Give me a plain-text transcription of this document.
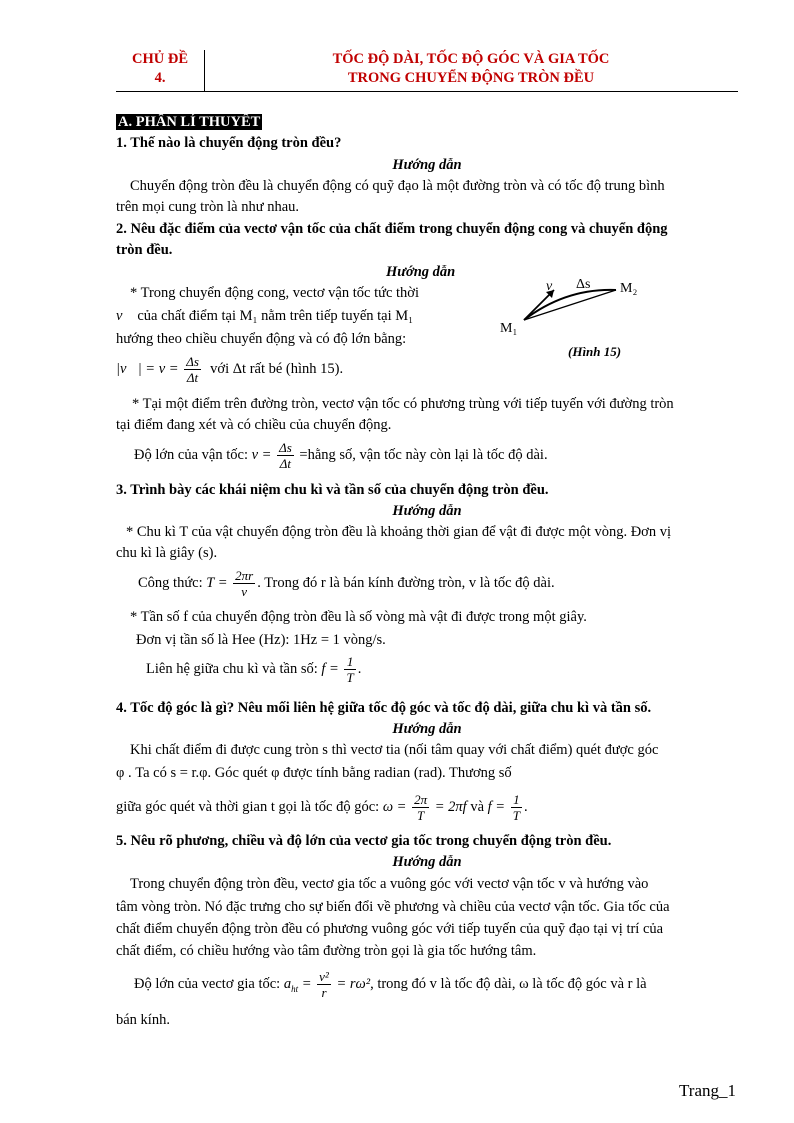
CHỦ ĐỀ
4.
TỐC ĐỘ DÀI, TỐC ĐỘ GÓC VÀ GIA TỐC
TRONG CHUYỂN ĐỘNG TRÒN ĐỀU
A. PHẦN LÍ THUYẾT
1. Thế nào là chuyển động tròn đều?
Hướng dẫn
Chuyển động tròn đều là chuyển động có quỹ đạo là một đường tròn và có tốc độ trung bình
trên mọi cung tròn là như nhau.
2. Nêu đặc điểm của vectơ vận tốc của chất điểm trong chuyển động cong và chuyển động
tròn đều.
Hướng dẫn
* Trong chuyển động cong, vectơ vận tốc tức thời
v⃗ của chất điểm tại M₁ nằm trên tiếp tuyến tại M₁
hướng theo chiều chuyển động và có độ lớn bằng:
|v⃗| = $v = \frac{\Delta s}{\Delta t}$ với Δt rất bé (hình 15).
* Tại một điểm trên đường tròn, vectơ vận tốc có phương trùng với tiếp tuyến với đường tròn
tại điểm đang xét và có chiều của chuyển động.
Độ lớn của vận tốc: $v = \frac{\Delta s}{\Delta t}$ =hằng số, vận tốc này còn lại là tốc độ dài.
3. Trình bày các khái niệm chu kì và tần số của chuyển động tròn đều.
Hướng dẫn
* Chu kì T của vật chuyển động tròn đều là khoảng thời gian để vật đi được một vòng. Đơn vị
chu kì là giây (s).
Công thức: $T = \frac{2\pi r}{v}$ . Trong đó r là bán kính đường tròn, v là tốc độ dài.
* Tần số f của chuyển động tròn đều là số vòng mà vật đi được trong một giây.
Đơn vị tần số là Hee (Hz): 1Hz = 1 vòng/s.
Liên hệ giữa chu kì và tần số: $f = \frac{1}{T}$ .
4. Tốc độ góc là gì? Nêu mối liên hệ giữa tốc độ góc và tốc độ dài, giữa chu kì và tần số.
Hướng dẫn
Khi chất điểm đi được cung tròn s thì vectơ tia (nối tâm quay với chất điểm) quét được góc
φ . Ta có s = r.φ. Góc quét φ được tính bằng radian (rad). Thương số
giữa góc quét và thời gian t gọi là tốc độ góc: $\omega = \frac{2\pi}{T} = 2\pi f$ và $f = \frac{1}{T}$ .
5. Nêu rõ phương, chiều và độ lớn của vectơ gia tốc trong chuyển động tròn đều.
Hướng dẫn
Trong chuyển động tròn đều, vectơ gia tốc a vuông góc với vectơ vận tốc v và hướng vào
tâm vòng tròn. Nó đặc trưng cho sự biến đổi về phương và chiều của vectơ vận tốc. Gia tốc của
chất điểm chuyển động tròn đều có phương vuông góc với tiếp tuyến của quỹ đạo tại vị trí của
chất điểm, có chiều hướng vào tâm đường tròn gọi là gia tốc hướng tâm.
Độ lớn của vectơ gia tốc: $a_{ht} = \frac{\text{v²}}{r} = r\omega^2$, trong đó v là tốc độ dài, ω là tốc độ góc và r là
bán kính.
v Δs M₂
M₁
(Hình 15)
Trang_1
